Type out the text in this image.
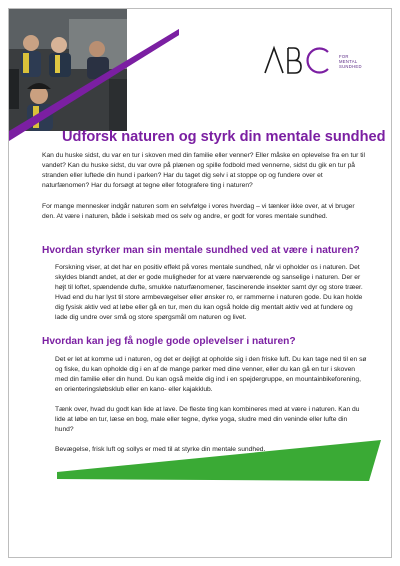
FOR
MENTAL
SUNDHED
Udforsk naturen og styrk din mentale sundhed

Kan du huske sidst, du var en tur i skoven med din familie eller venner? Eller måske en oplevelse fra en tur til vandet? Kan du huske sidst, du var ovre på plænen og spille fodbold med vennerne, sidst du gik en tur på stranden eller luftede din hund i parken? Har du taget dig selv i at stoppe op og fundere over et naturfænomen? Har du forsøgt at tegne eller fotografere ting i naturen?

For mange mennesker indgår naturen som en selvfølge i vores hverdag – vi tænker ikke over, at vi bruger den. At være i naturen, både i selskab med os selv og andre, er godt for vores mentale sundhed.

Hvordan styrker man sin mentale sundhed ved at være i naturen?

Forskning viser, at det har en positiv effekt på vores mentale sundhed, når vi opholder os i naturen. Det skyldes blandt andet, at der er gode muligheder for at være nærværende og sanselige i naturen. Der er højt til loftet, spændende dufte, smukke naturfænomener, fascinerende insekter samt dyr og store træer. Hvad end du har lyst til store armbevægelser eller ønsker ro, er rammerne i naturen gode. Du kan holde dig fysisk aktiv ved at løbe eller gå en tur, men du kan også holde dig mentalt aktiv ved at fundere og lade dig undre over små og store spørgsmål om naturen og livet.

Hvordan kan jeg få nogle gode oplevelser i naturen?

Det er let at komme ud i naturen, og det er dejligt at opholde sig i den friske luft. Du kan tage ned til en sø og fiske, du kan opholde dig i en af de mange parker med dine venner, eller du kan gå en tur i skoven med din familie eller din hund. Du kan også melde dig ind i en spejdergruppe, en mountainbikeforening, en orienteringsløbsklub eller en kano- eller kajakklub.

Tænk over, hvad du godt kan lide at lave. De fleste ting kan kombineres med at være i naturen. Kan du lide at løbe en tur, læse en bog, male eller tegne, dyrke yoga, sludre med din veninde eller lufte din hund?

Bevægelse, frisk luft og sollys er med til at styrke din mentale sundhed.
